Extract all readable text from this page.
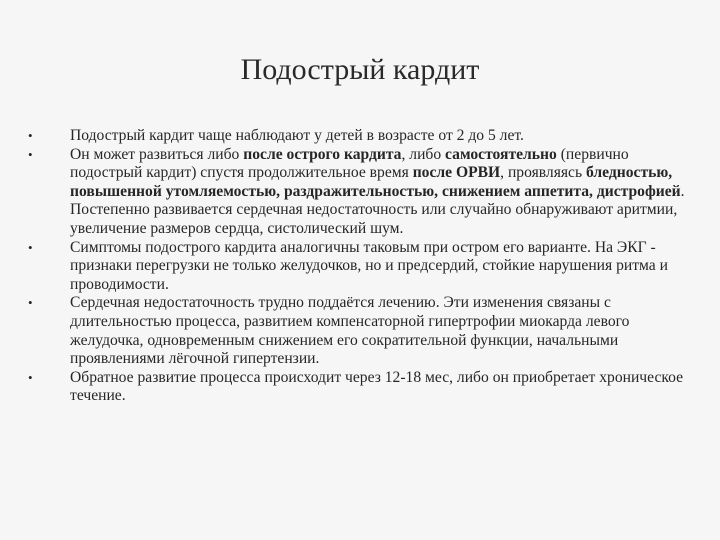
Подострый кардит
•	Подострый кардит чаще наблюдают у детей в возрасте от 2 до 5 лет.
•	Он может развиться либо после острого кардита, либо самостоятельно (первично подострый кардит) спустя продолжительное время после ОРВИ, проявляясь бледностью, повышенной утомляемостью, раздражительностью, снижением аппетита, дистрофией. Постепенно развивается сердечная недостаточность или случайно обнаруживают аритмии, увеличение размеров сердца, систолический шум.
•	Симптомы подострого кардита аналогичны таковым при остром его варианте. На ЭКГ - признаки перегрузки не только желудочков, но и предсердий, стойкие нарушения ритма и проводимости.
•	Сердечная недостаточность трудно поддаётся лечению. Эти изменения связаны с длительностью процесса, развитием компенсаторной гипертрофии миокарда левого желудочка, одновременным снижением его сократительной функции, начальными проявлениями лёгочной гипертензии.
•	Обратное развитие процесса происходит через 12-18 мес, либо он приобретает хроническое течение.
